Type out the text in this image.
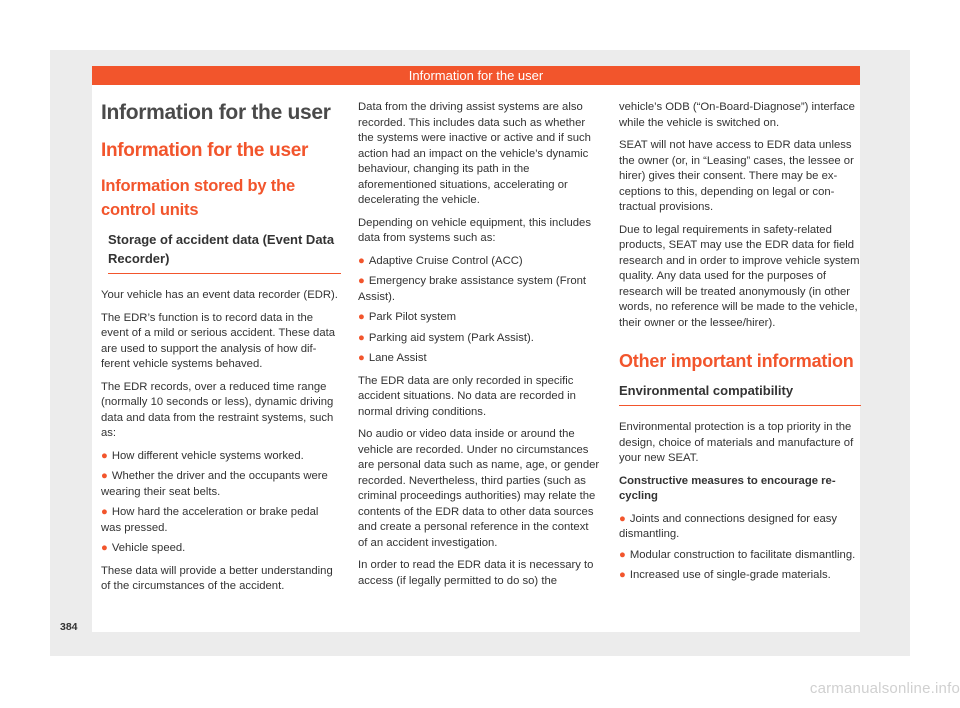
Information for the user
Information for the user
Information for the user
Information stored by the control units
Storage of accident data (Event Data Recorder)

Your vehicle has an event data recorder (EDR).

The EDR’s function is to record data in the event of a mild or serious accident. These data are used to support the analysis of how different vehicle systems behaved.

The EDR records, over a reduced time range (normally 10 seconds or less), dynamic driving data and data from the restraint systems, such as:

● How different vehicle systems worked.

● Whether the driver and the occupants were wearing their seat belts.

● How hard the acceleration or brake pedal was pressed.

● Vehicle speed.

These data will provide a better understanding of the circumstances of the accident.

Data from the driving assist systems are also recorded. This includes data such as whether the systems were inactive or active and if such action had an impact on the vehicle’s dynamic behaviour, changing its path in the aforementioned situations, accelerating or decelerating the vehicle.

Depending on vehicle equipment, this includes data from systems such as:

● Adaptive Cruise Control (ACC)

● Emergency brake assistance system (Front Assist).

● Park Pilot system

● Parking aid system (Park Assist).

● Lane Assist

The EDR data are only recorded in specific accident situations. No data are recorded in normal driving conditions.

No audio or video data inside or around the vehicle are recorded. Under no circumstances are personal data such as name, age, or gender recorded. Nevertheless, third parties (such as criminal proceedings authorities) may relate the contents of the EDR data to other data sources and create a personal reference in the context of an accident investigation.

In order to read the EDR data it is necessary to access (if legally permitted to do so) the

vehicle’s ODB (“On-Board-Diagnose”) interface while the vehicle is switched on.

SEAT will not have access to EDR data unless the owner (or, in “Leasing” cases, the lessee or hirer) gives their consent. There may be exceptions to this, depending on legal or contractual provisions.

Due to legal requirements in safety-related products, SEAT may use the EDR data for field research and in order to improve vehicle system quality. Any data used for the purposes of research will be treated anonymously (in other words, no reference will be made to the vehicle, their owner or the lessee/hirer).

Other important information
Environmental compatibility

Environmental protection is a top priority in the design, choice of materials and manufacture of your new SEAT.

Constructive measures to encourage recycling

● Joints and connections designed for easy dismantling.

● Modular construction to facilitate dismantling.

● Increased use of single-grade materials.

384
carmanualsonline.info
